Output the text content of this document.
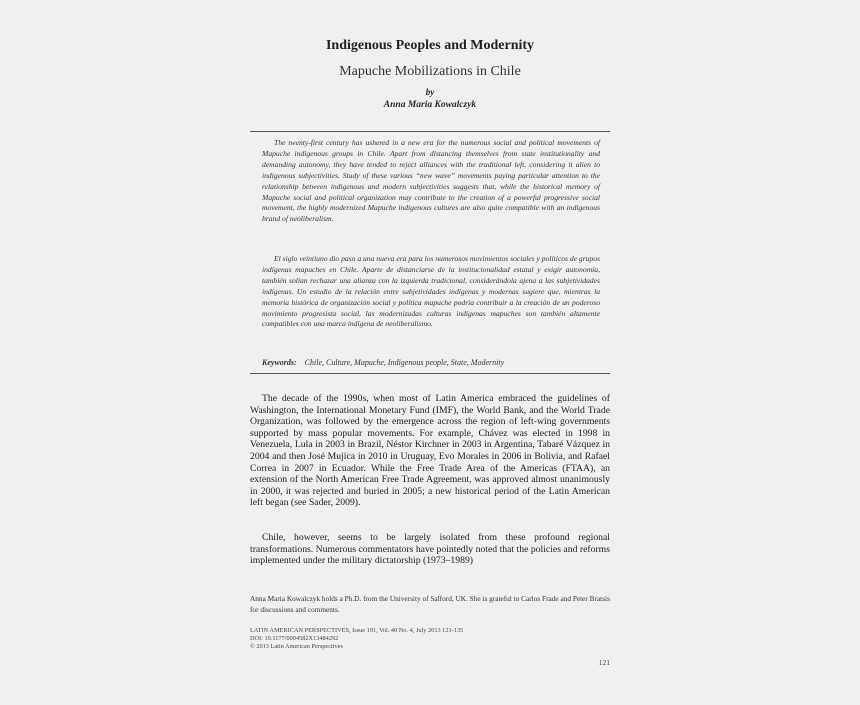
Indigenous Peoples and Modernity
Mapuche Mobilizations in Chile
by
Anna Maria Kowalczyk

The twenty-first century has ushered in a new era for the numerous social and political movements of Mapuche indigenous groups in Chile. Apart from distancing themselves from state institutionality and demanding autonomy, they have tended to reject alliances with the traditional left, considering it alien to indigenous subjectivities. Study of these various “new wave” movements paying particular attention to the relationship between indigenous and modern subjectivities suggests that, while the historical memory of Mapuche social and political organization may contribute to the creation of a powerful progressive social movement, the highly modernized Mapuche indigenous cultures are also quite compatible with an indigenous brand of neoliberalism.

El siglo veintiuno dio paso a una nueva era para los numerosos movimientos sociales y políticos de grupos indígenas mapuches en Chile. Aparte de distanciarse de la institucionalidad estatal y exigir autonomía, también solían rechazar una alianza con la izquierda tradicional, considerándola ajena a las subjetividades indígenas. Un estudio de la relación entre subjetividades indígenas y modernas sugiere que, mientras la memoria histórica de organización social y política mapuche podría contribuir a la creación de un poderoso movimiento progresista social, las modernizadas culturas indígenas mapuches son también altamente compatibles con una marca indígena de neoliberalismo.

Keywords: Chile, Culture, Mapuche, Indigenous people, State, Modernity

The decade of the 1990s, when most of Latin America embraced the guidelines of Washington, the International Monetary Fund (IMF), the World Bank, and the World Trade Organization, was followed by the emergence across the region of left-wing governments supported by mass popular movements. For example, Chávez was elected in 1998 in Venezuela, Lula in 2003 in Brazil, Néstor Kirchner in 2003 in Argentina, Tabaré Vázquez in 2004 and then José Mujica in 2010 in Uruguay, Evo Morales in 2006 in Bolivia, and Rafael Correa in 2007 in Ecuador. While the Free Trade Area of the Americas (FTAA), an extension of the North American Free Trade Agreement, was approved almost unanimously in 2000, it was rejected and buried in 2005; a new historical period of the Latin American left began (see Sader, 2009).

Chile, however, seems to be largely isolated from these profound regional transformations. Numerous commentators have pointedly noted that the policies and reforms implemented under the military dictatorship (1973–1989)

Anna Maria Kowalczyk holds a Ph.D. from the University of Salford, UK. She is grateful to Carlos Frade and Peter Bratsis for discussions and comments.

LATIN AMERICAN PERSPECTIVES, Issue 191, Vol. 40 No. 4, July 2013 121-135
DOI: 10.1177/0094582X13484292
© 2013 Latin American Perspectives
121
